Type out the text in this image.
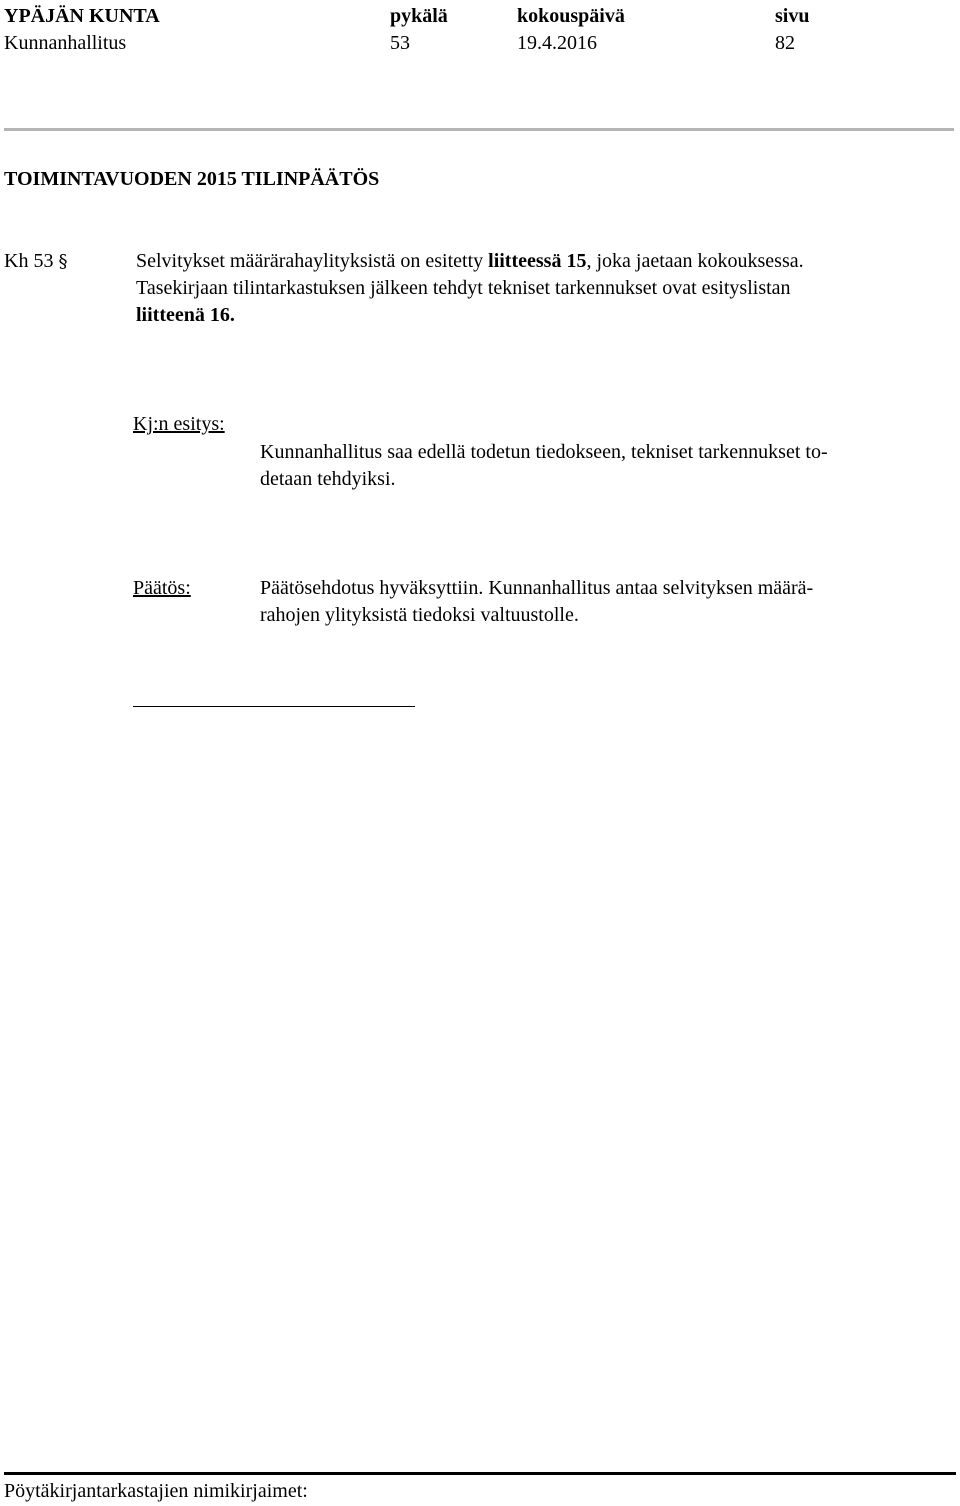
YPÄJÄN KUNTA	pykälä	kokouspäivä	sivu
Kunnanhallitus	53	19.4.2016	82
TOIMINTAVUODEN 2015 TILINPÄÄTÖS
Kh 53 §	Selvitykset määrärahaylityksistä on esitetty liitteessä 15, joka jaetaan kokouksessa.
Tasekirjaan tilintarkastuksen jälkeen tehdyt tekniset tarkennukset ovat esityslistan
liitteenä 16.
Kj:n esitys:
Kunnanhallitus saa edellä todetun tiedokseen, tekniset tarkennukset to-
detaan tehdyiksi.
Päätös:	Päätösehdotus hyväksyttiin. Kunnanhallitus antaa selvityksen määrä-
rahojen ylityksistä tiedoksi valtuustolle.
Pöytäkirjantarkastajien nimikirjaimet:
